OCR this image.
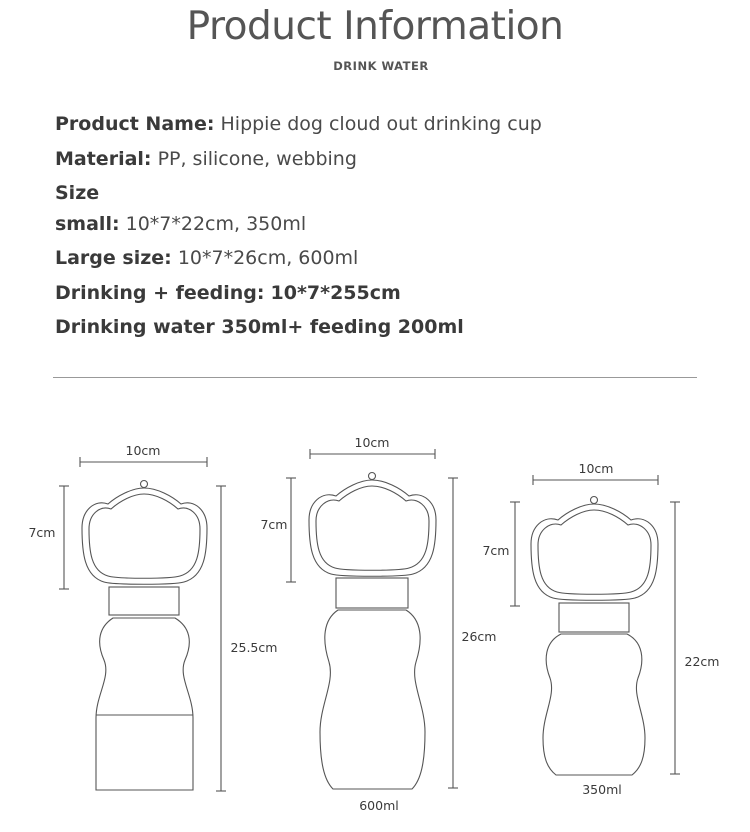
Product Information
DRINK WATER
Product Name: Hippie dog cloud out drinking cup
Material: PP, silicone, webbing
Size
small: 10*7*22cm, 350ml
Large size: 10*7*26cm, 600ml
Drinking + feeding: 10*7*255cm
Drinking water 350ml+ feeding 200ml
10cm
7cm
25.5cm
10cm
7cm
26cm
600ml
10cm
7cm
22cm
350ml
